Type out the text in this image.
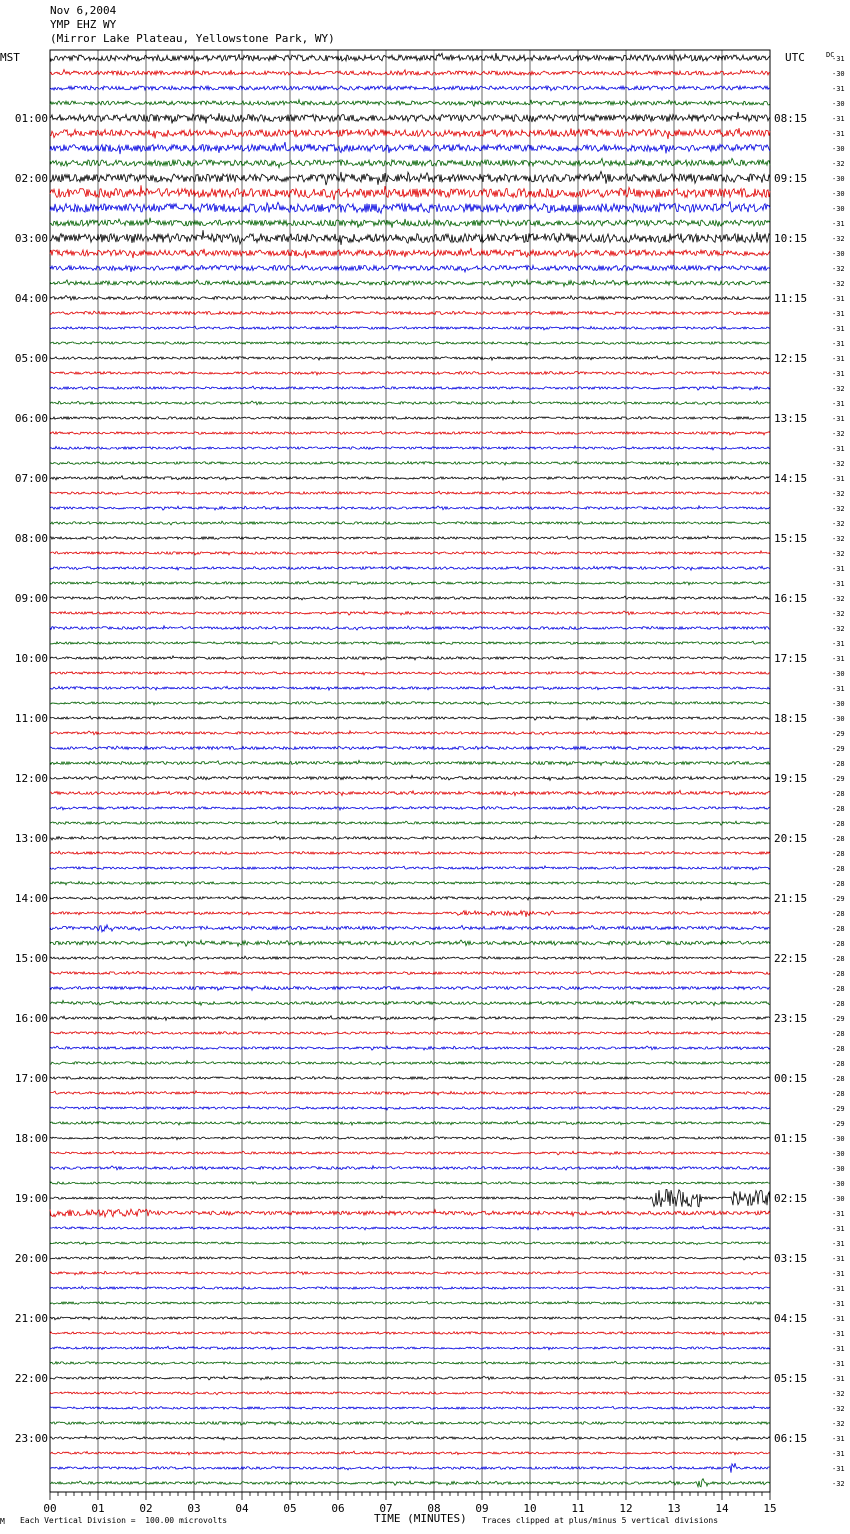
Nov 6,2004
YMP EHZ WY
(Mirror Lake Plateau, Yellowstone Park, WY)
MST	UTC	-31
-30
-31
-30
-31
-31
-30
-32
-30
-30
-30
-31
-32
-30
-32
-32
-31
-31
-31
-31
-31
-31
-32
-31
-31
-32
-31
-32
-31
-32
-32
-32
-32
-32
-31
-31
-32
-32
-32
-31
-31
-30
-31
-30
-30
-29
-29
-28
-29
-28
-28
-28
-28
-28
-28
-28
-29
-28
-28
-28
-28
-28
-28
-28
-29
-28
-28
-28
-28
-28
-29
-29
-30
-30
-30
-30
-30
-31
-31
-31
-31
-31
-31
-31
-31
-31
-31
-31
-31
-32
-32
-32
-31
-31
-31
-32
DC
01:00
02:00
03:00
04:00
05:00
06:00
07:00
08:00
09:00
10:00
11:00
12:00
13:00
14:00
15:00
16:00
17:00
18:00
19:00
20:00
21:00
22:00
23:00
08:15
09:15
10:15
11:15
12:15
13:15
14:15
15:15
16:15
17:15
18:15
19:15
20:15
21:15
22:15
23:15
00:15
01:15
02:15
03:15
04:15
05:15
06:15
00	01	02	03	04	05	06	07	08	09	10	11	12	13	14	15
M Each Vertical Division =  100.00 microvolts	TIME (MINUTES) Traces clipped at plus/minus 5 vertical divisions
